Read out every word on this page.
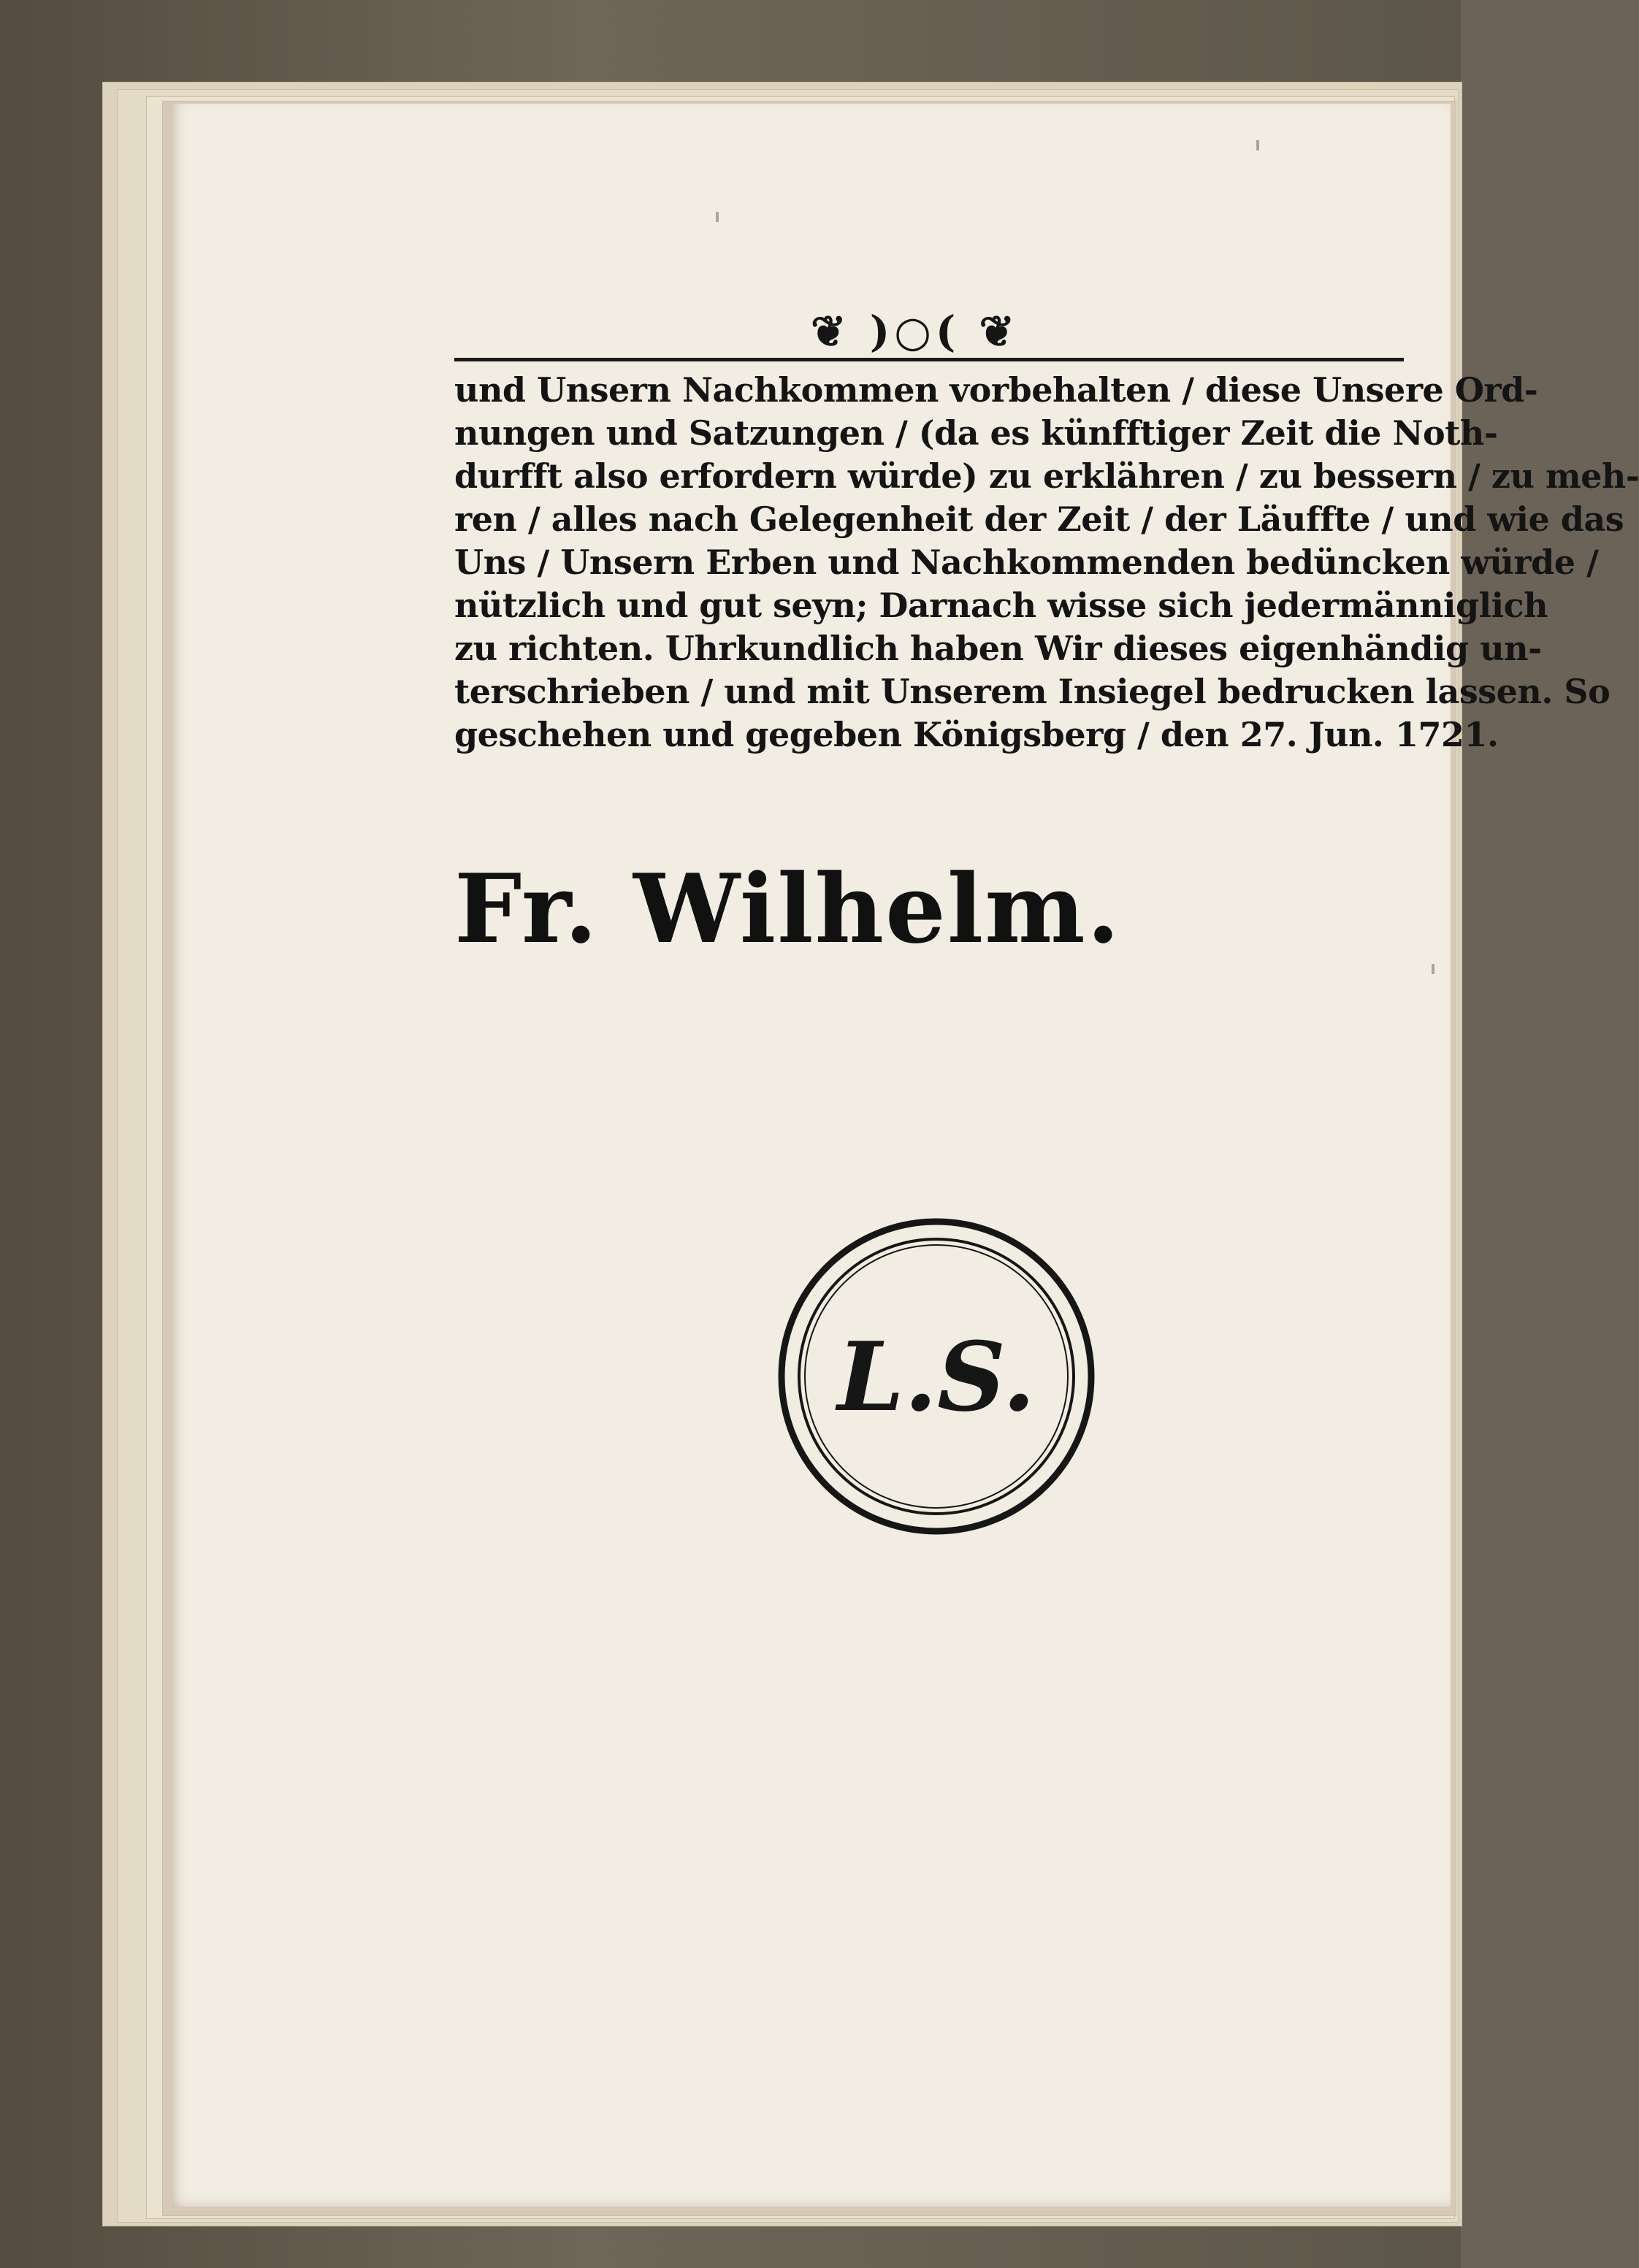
❦ )○( ❦
und Unsern Nachkommen vorbehalten / diese Unsere Ord-
nungen und Satzungen / (da es künfftiger Zeit die Noth-
durfft also erfordern würde) zu erklähren / zu bessern / zu meh-
ren / alles nach Gelegenheit der Zeit / der Läuffte / und wie das
Uns / Unsern Erben und Nachkommenden bedüncken würde /
nützlich und gut seyn; Darnach wisse sich jedermänniglich
zu richten. Uhrkundlich haben Wir dieses eigenhändig un-
terschrieben / und mit Unserem Insiegel bedrucken lassen. So
geschehen und gegeben Königsberg / den 27. Jun. 1721.
Fr. Wilhelm.
L.S.
